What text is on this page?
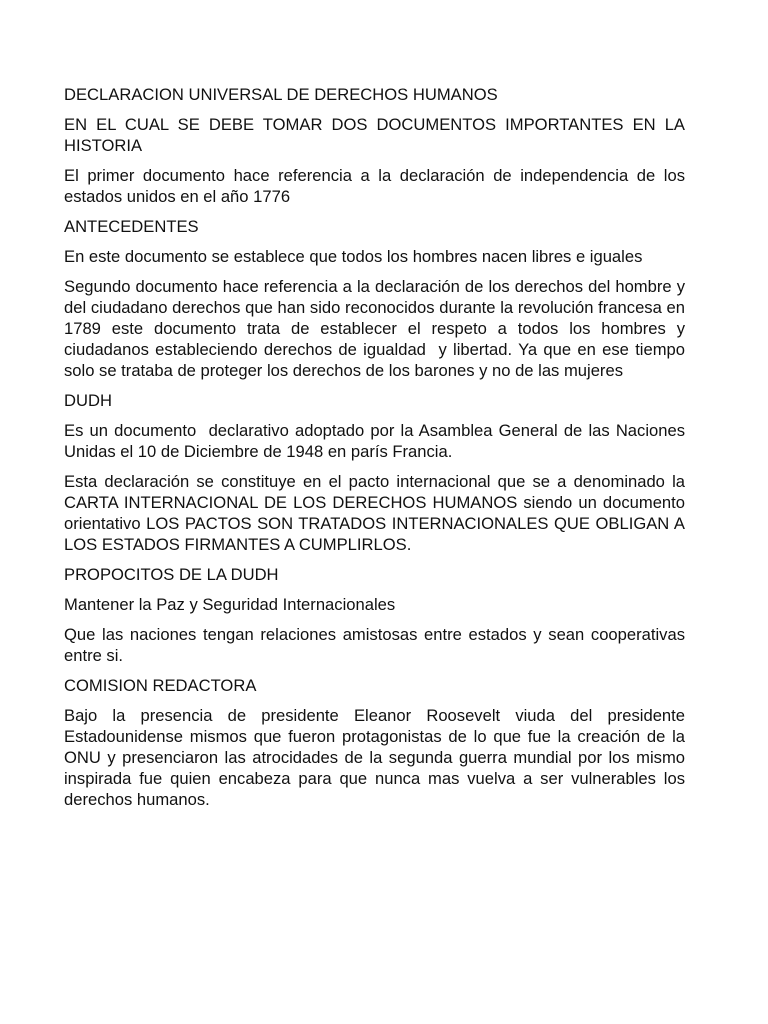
DECLARACION UNIVERSAL DE DERECHOS HUMANOS

EN EL CUAL SE DEBE TOMAR DOS DOCUMENTOS IMPORTANTES EN LA HISTORIA

El primer documento hace referencia a la declaración de independencia de los estados unidos en el año 1776

ANTECEDENTES

En este documento se establece que todos los hombres nacen libres e iguales

Segundo documento hace referencia a la declaración de los derechos del hombre y del ciudadano derechos que han sido reconocidos durante la revolución francesa en 1789 este documento trata de establecer el respeto a todos los hombres y ciudadanos estableciendo derechos de igualdad  y libertad. Ya que en ese tiempo solo se trataba de proteger los derechos de los barones y no de las mujeres

DUDH

Es un documento  declarativo adoptado por la Asamblea General de las Naciones Unidas el 10 de Diciembre de 1948 en parís Francia.

Esta declaración se constituye en el pacto internacional que se a denominado la CARTA INTERNACIONAL DE LOS DERECHOS HUMANOS siendo un documento orientativo LOS PACTOS SON TRATADOS INTERNACIONALES QUE OBLIGAN A LOS ESTADOS FIRMANTES A CUMPLIRLOS.

PROPOCITOS DE LA DUDH

Mantener la Paz y Seguridad Internacionales

Que las naciones tengan relaciones amistosas entre estados y sean cooperativas entre si.

COMISION REDACTORA

Bajo la presencia de presidente Eleanor Roosevelt viuda del presidente Estadounidense mismos que fueron protagonistas de lo que fue la creación de la ONU y presenciaron las atrocidades de la segunda guerra mundial por los mismo inspirada fue quien encabeza para que nunca mas vuelva a ser vulnerables los derechos humanos.
